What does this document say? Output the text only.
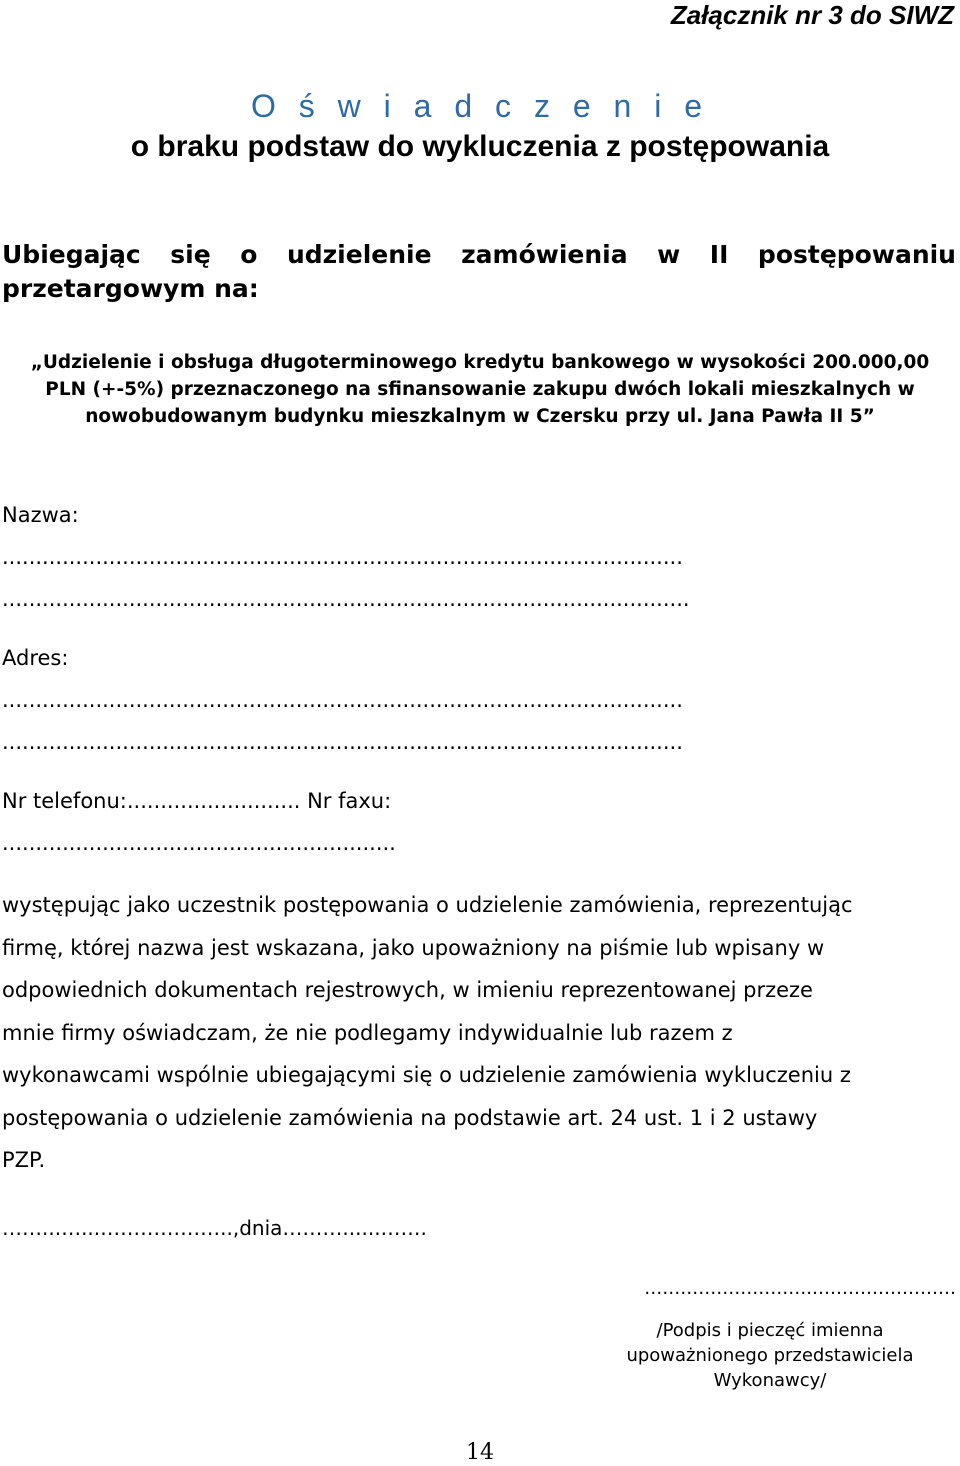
Załącznik nr 3 do SIWZ
O ś w i a d c z e n i e
o braku podstaw do wykluczenia z postępowania
Ubiegając się o udzielenie zamówienia w II postępowaniu
przetargowym na:
„Udzielenie i obsługa długoterminowego kredytu bankowego w wysokości 200.000,00
PLN (+-5%) przeznaczonego na sfinansowanie zakupu dwóch lokali mieszkalnych w
nowobudowanym budynku mieszkalnym w Czersku przy ul. Jana Pawła II 5”
Nazwa:
......................................................................................................
.......................................................................................................
Adres:
......................................................................................................
......................................................................................................
Nr telefonu:.......................... Nr faxu:
...........................................................
występując jako uczestnik postępowania o udzielenie zamówienia, reprezentując
firmę, której nazwa jest wskazana, jako upoważniony na piśmie lub wpisany w
odpowiednich dokumentach rejestrowych, w imieniu reprezentowanej przeze
mnie firmy oświadczam, że nie podlegamy indywidualnie lub razem z
wykonawcami wspólnie ubiegającymi się o udzielenie zamówienia wykluczeniu z
postępowania o udzielenie zamówienia na podstawie art. 24 ust. 1 i 2 ustawy
PZP.
……...…...………………..,dnia………......…….
……………………….……………………
/Podpis i pieczęć imienna
upoważnionego przedstawiciela
Wykonawcy/
14
